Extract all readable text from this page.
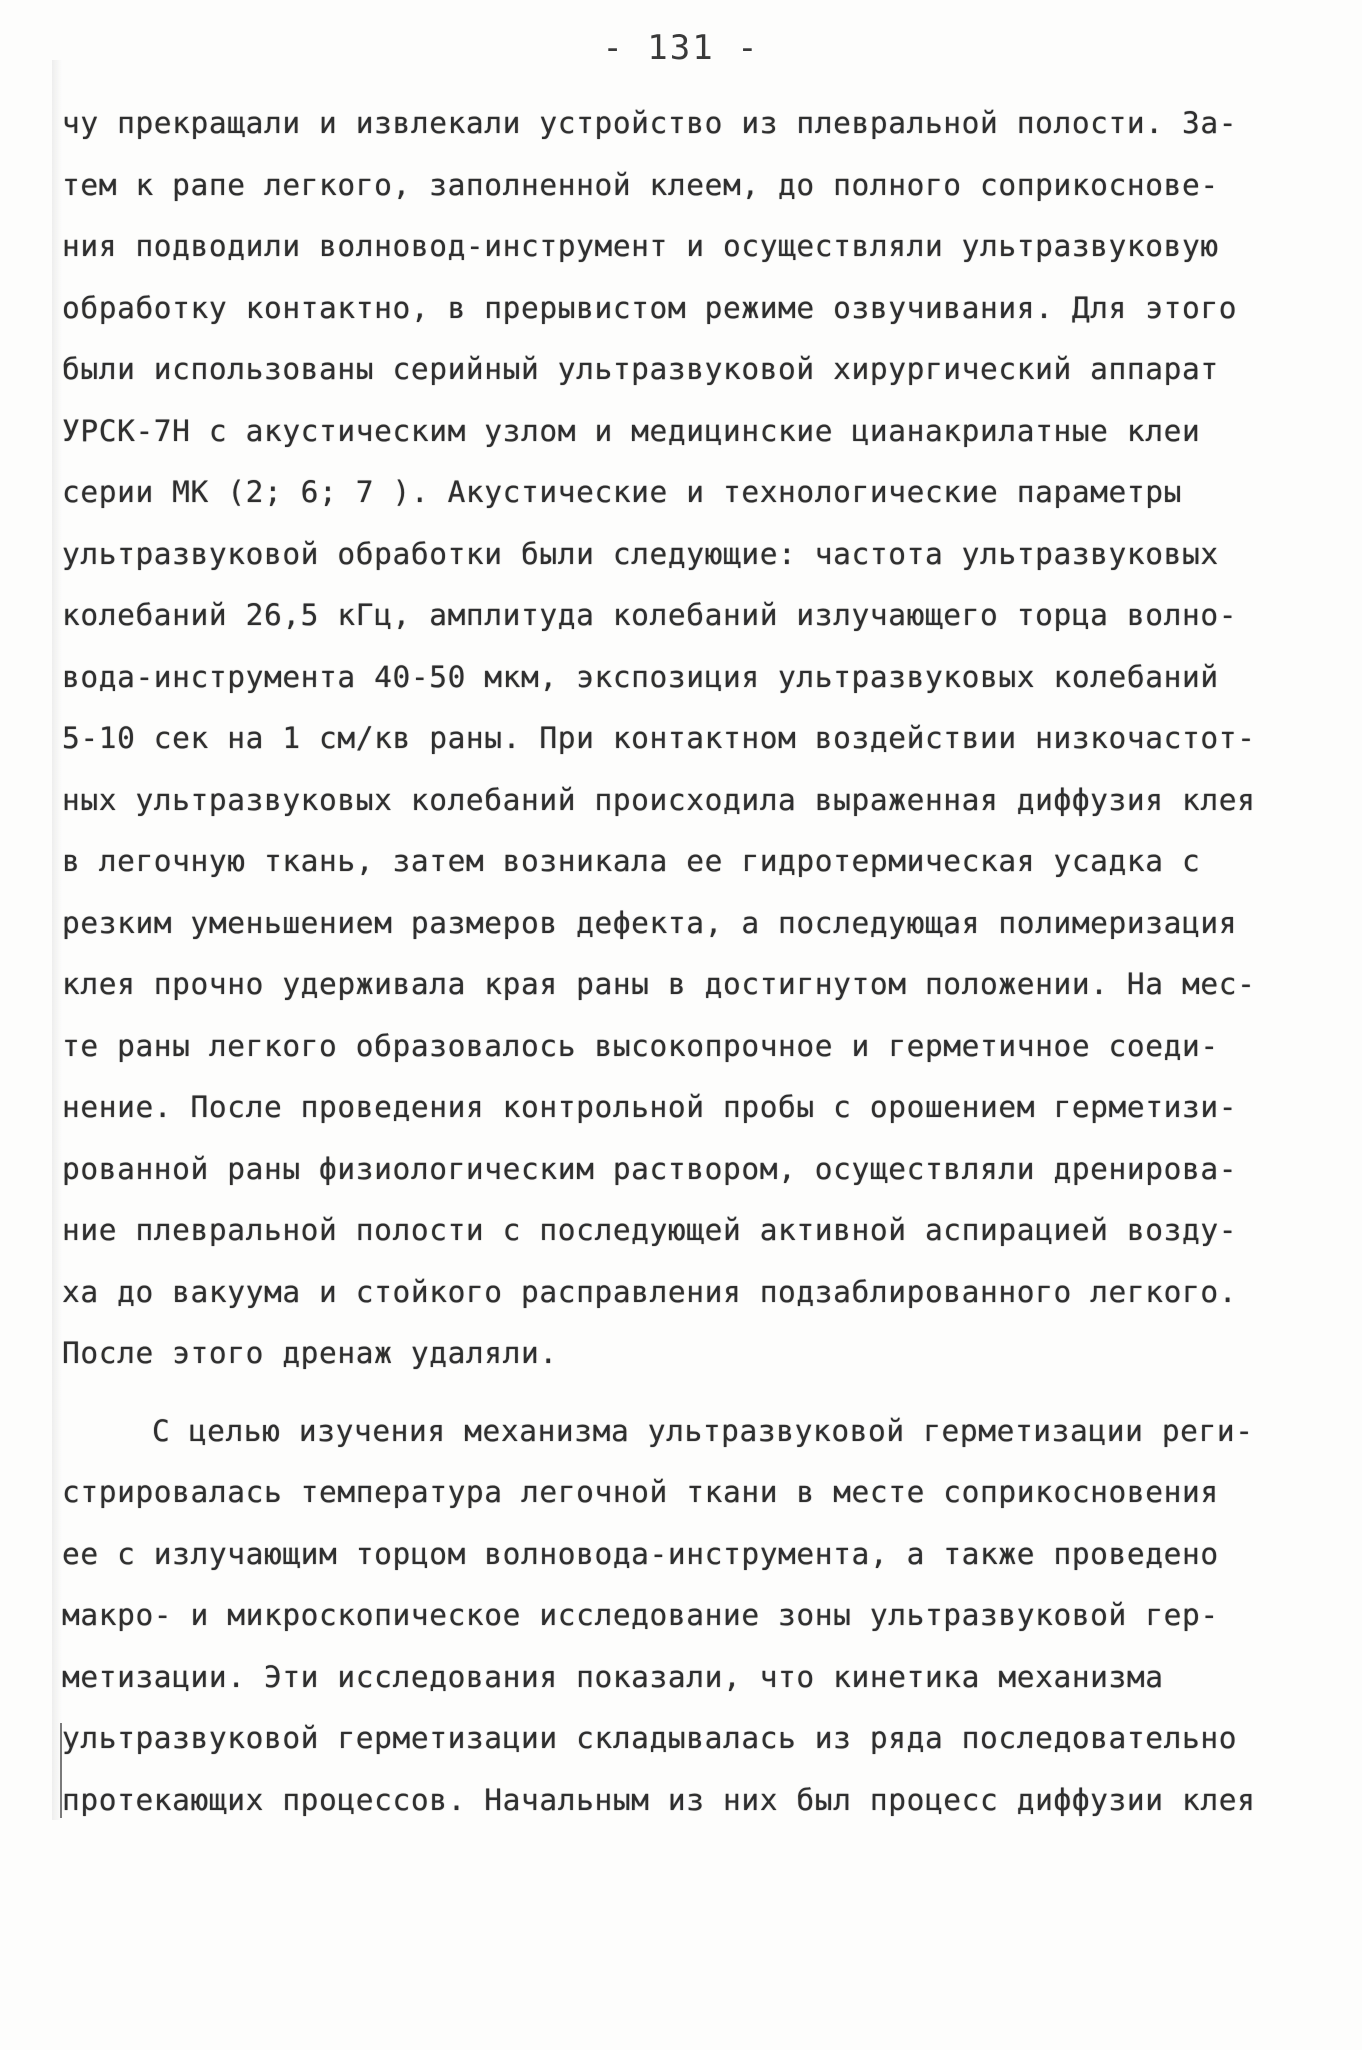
- 131 -
чу прекращали и извлекали устройство из плевральной полости. За-
тем к рапе легкого, заполненной клеем, до полного соприкоснове-
ния подводили волновод-инструмент и осуществляли ультразвуковую
обработку контактно, в прерывистом режиме озвучивания. Для этого
были использованы серийный ультразвуковой хирургический аппарат
УРСК-7Н с акустическим узлом и медицинские цианакрилатные клеи
серии МК (2; 6; 7 ). Акустические и технологические параметры
ультразвуковой обработки были следующие: частота ультразвуковых
колебаний 26,5 кГц, амплитуда колебаний излучающего торца волно-
вода-инструмента 40-50 мкм, экспозиция ультразвуковых колебаний
5-10 сек на 1 см/кв раны. При контактном воздействии низкочастот-
ных ультразвуковых колебаний происходила выраженная диффузия клея
в легочную ткань, затем возникала ее гидротермическая усадка с
резким уменьшением размеров дефекта, а последующая полимеризация
клея прочно удерживала края раны в достигнутом положении. На мес-
те раны легкого образовалось высокопрочное и герметичное соеди-
нение. После проведения контрольной пробы с орошением герметизи-
рованной раны физиологическим раствором, осуществляли дренирова-
ние плевральной полости с последующей активной аспирацией возду-
ха до вакуума и стойкого расправления подзаблированного легкого.
После этого дренаж удаляли.
С целью изучения механизма ультразвуковой герметизации реги-
стрировалась температура легочной ткани в месте соприкосновения
ее с излучающим торцом волновода-инструмента, а также проведено
макро- и микроскопическое исследование зоны ультразвуковой гер-
метизации. Эти исследования показали, что кинетика механизма
ультразвуковой герметизации складывалась из ряда последовательно
протекающих процессов. Начальным из них был процесс диффузии клея
